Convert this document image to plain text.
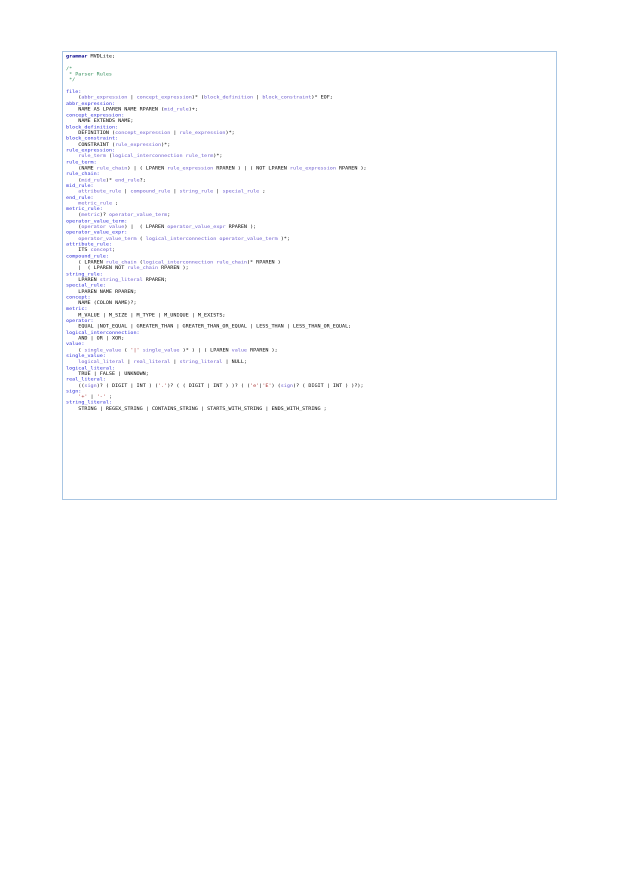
grammar MVDLite;
/*
* Parser Rules
*/
file:
(abbr_expression | concept_expression)* (block_definition | block_constraint)* EOF;
abbr_expression:
NAME AS LPAREN NAME RPAREN (mid_rule)+;
concept_expression:
NAME EXTENDS NAME;
block_definition:
DEFINITION (concept_expression | rule_expression)*;
block_constraint:
CONSTRAINT (rule_expression)*;
rule_expression:
rule_term (logical_interconnection rule_term)*;
rule_term:
(NAME rule_chain) | ( LPAREN rule_expression RPAREN ) | ( NOT LPAREN rule_expression RPAREN );
rule_chain:
(mid_rule)* end_rule?;
mid_rule:
attribute_rule | compound_rule | string_rule | special_rule ;
end_rule:
metric_rule ;
metric_rule:
(metric)? operator_value_term;
operator_value_term:
(operator value) |  ( LPAREN operator_value_expr RPAREN );
operator_value_expr:
operator_value_term ( logical_interconnection operator_value_term )*;
attribute_rule:
ITS concept;
compound_rule:
( LPAREN rule_chain (logical_interconnection rule_chain)* RPAREN )
|  ( LPAREN NOT rule_chain RPAREN );
string_rule:
LPAREN string_literal RPAREN;
special_rule:
LPAREN NAME RPAREN;
concept:
NAME (COLON NAME)?;
metric:
M_VALUE | M_SIZE | M_TYPE | M_UNIQUE | M_EXISTS;
operator:
EQUAL |NOT_EQUAL | GREATER_THAN | GREATER_THAN_OR_EQUAL | LESS_THAN | LESS_THAN_OR_EQUAL;
logical_interconnection:
AND | OR | XOR;
value:
( single_value ( '|' single_value )* ) | ( LPAREN value RPAREN );
single_value:
logical_literal | real_literal | string_literal | NULL;
logical_literal:
TRUE | FALSE | UNKNOWN;
real_literal:
((sign)? ( DIGIT | INT ) ('.')? ( ( DIGIT | INT ) )? ( ('e'|'E') (sign)? ( DIGIT | INT ) )?);
sign:
'+' | '-' ;
string_literal:
STRING | REGEX_STRING | CONTAINS_STRING | STARTS_WITH_STRING | ENDS_WITH_STRING ;
